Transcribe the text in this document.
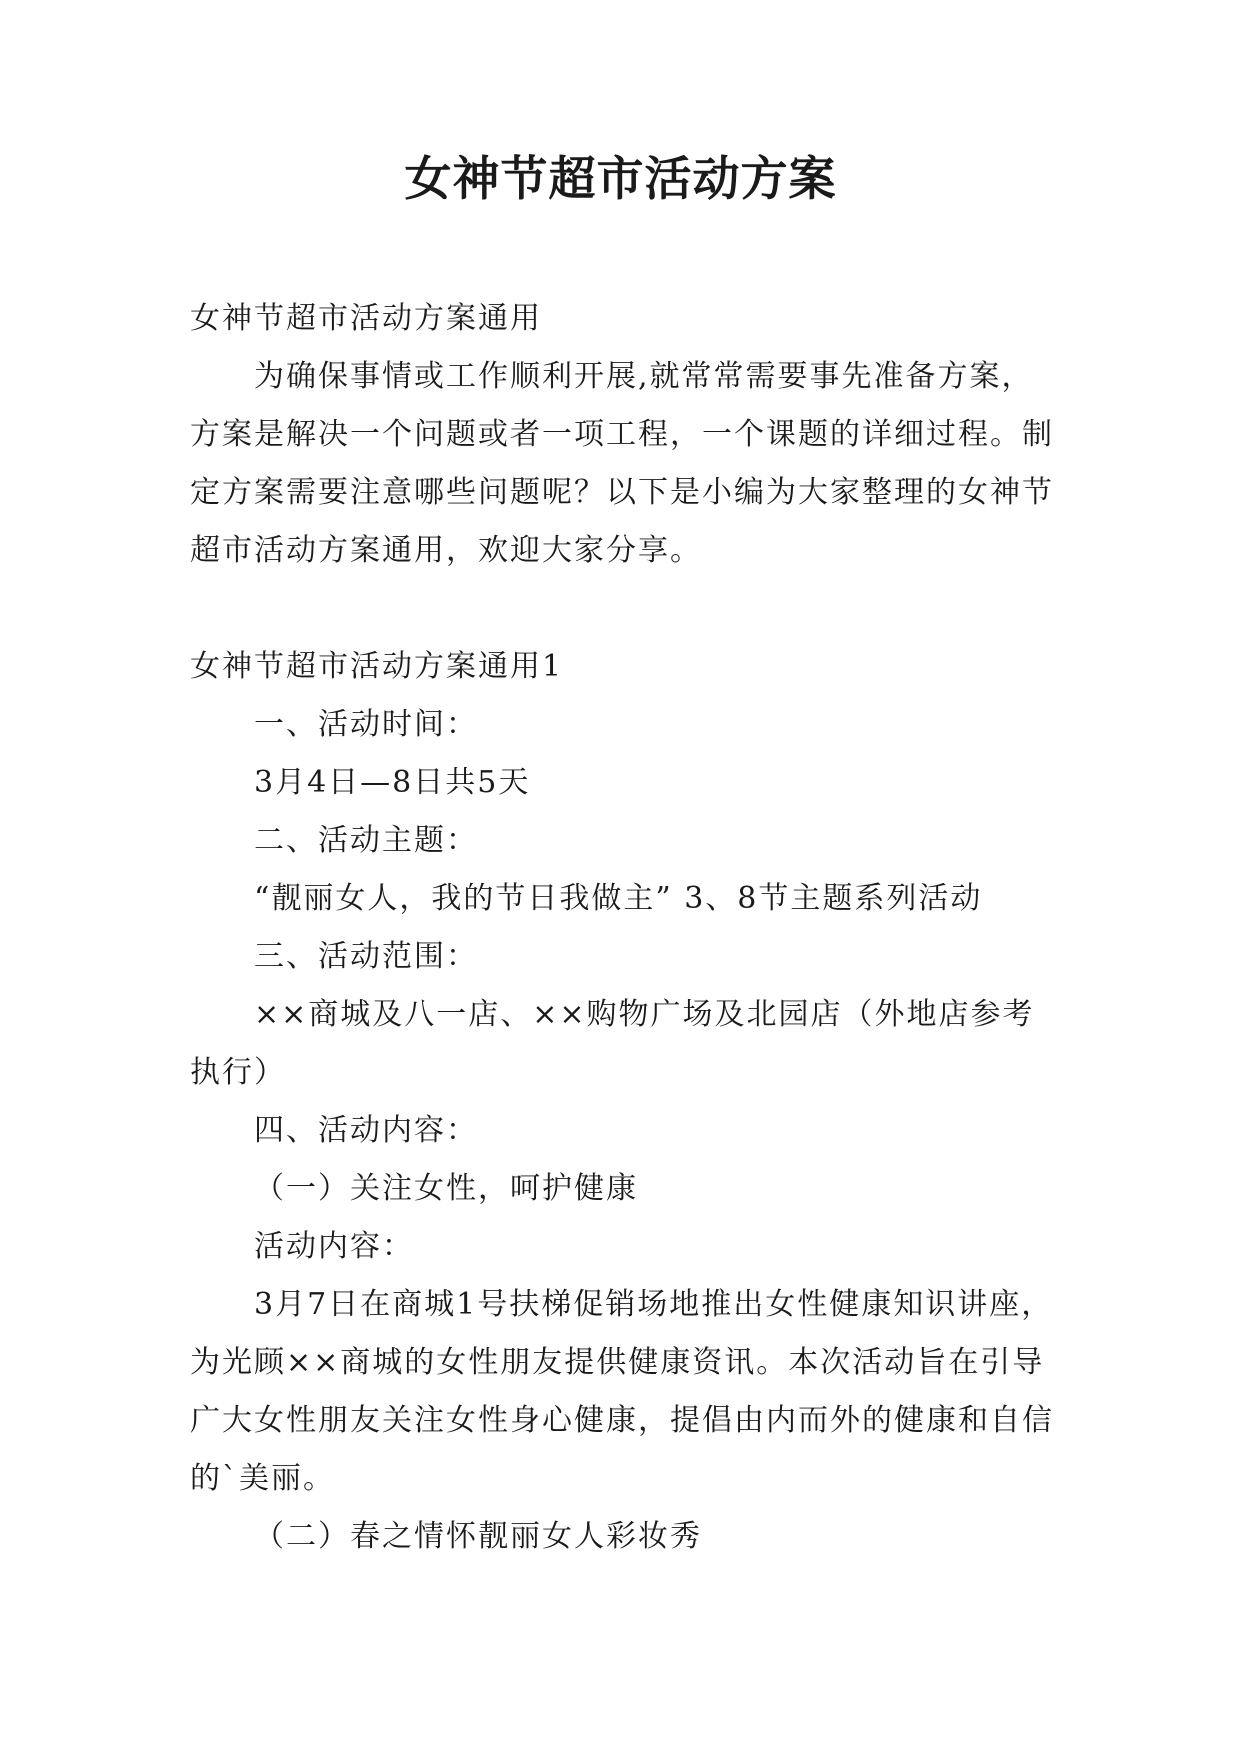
女神节超市活动方案

女神节超市活动方案通用

为确保事情或工作顺利开展,就常常需要事先准备方案，方案是解决一个问题或者一项工程，一个课题的详细过程。制定方案需要注意哪些问题呢？以下是小编为大家整理的女神节超市活动方案通用，欢迎大家分享。

女神节超市活动方案通用1

一、活动时间：

3月4日—8日共5天

二、活动主题：

“靓丽女人，我的节日我做主” 3、8节主题系列活动

三、活动范围：

××商城及八一店、××购物广场及北园店（外地店参考执行）

四、活动内容：

（一）关注女性，呵护健康

活动内容：

3月7日在商城1号扶梯促销场地推出女性健康知识讲座，为光顾××商城的女性朋友提供健康资讯。本次活动旨在引导广大女性朋友关注女性身心健康，提倡由内而外的健康和自信的`美丽。

（二）春之情怀靓丽女人彩妆秀
